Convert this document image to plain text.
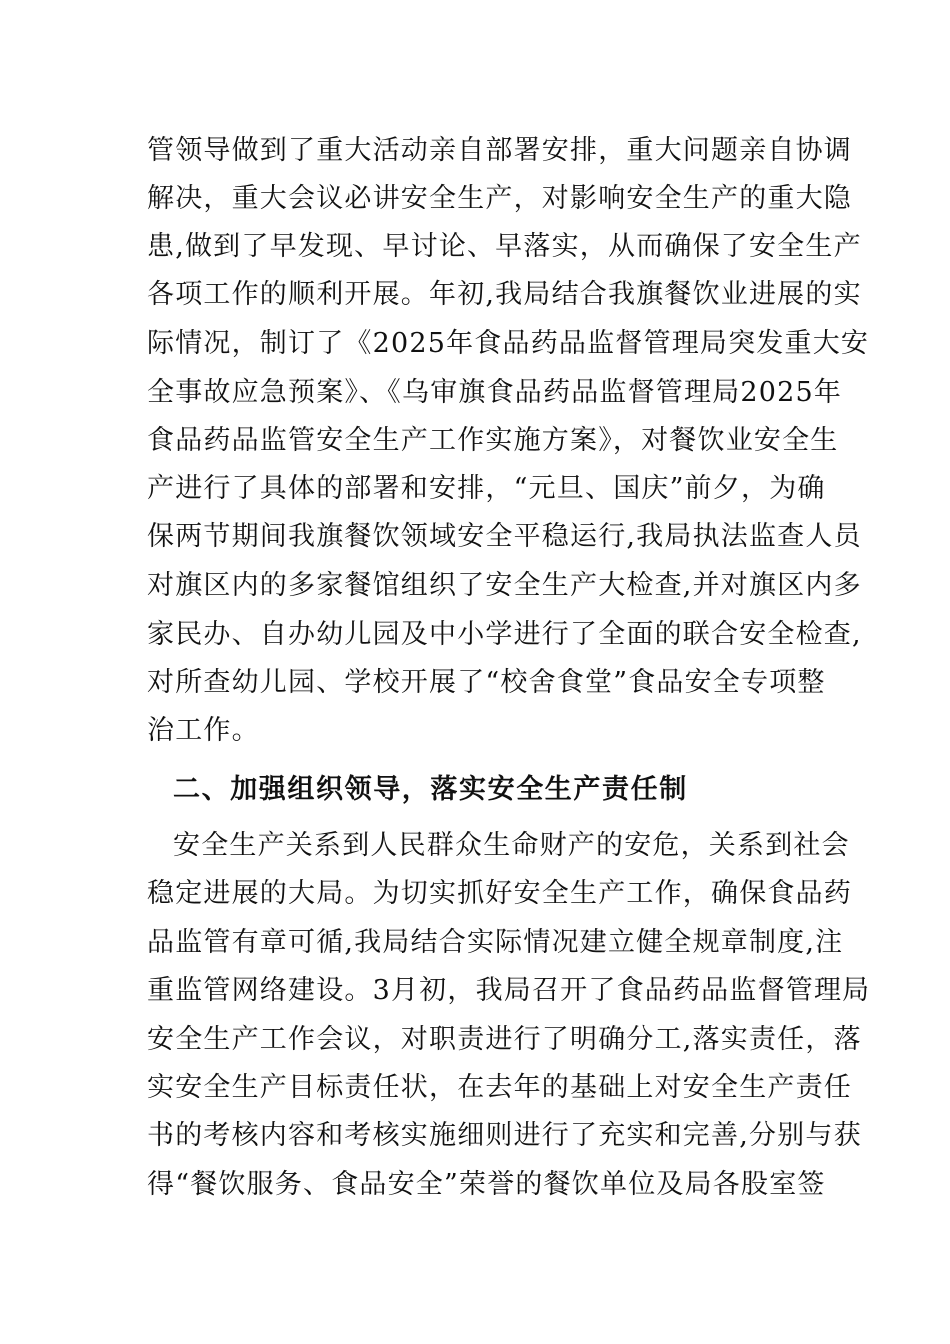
管领导做到了重大活动亲自部署安排，重大问题亲自协调
解决，重大会议必讲安全生产，对影响安全生产的重大隐
患,做到了早发现、早讨论、早落实，从而确保了安全生产
各项工作的顺利开展。年初,我局结合我旗餐饮业进展的实
际情况，制订了《2025年食品药品监督管理局突发重大安
全事故应急预案》、《乌审旗食品药品监督管理局2025年
食品药品监管安全生产工作实施方案》，对餐饮业安全生
产进行了具体的部署和安排，“元旦、国庆”前夕，为确
保两节期间我旗餐饮领域安全平稳运行,我局执法监查人员
对旗区内的多家餐馆组织了安全生产大检查,并对旗区内多
家民办、自办幼儿园及中小学进行了全面的联合安全检查,
对所查幼儿园、学校开展了“校舍食堂”食品安全专项整
治工作。
二、加强组织领导，落实安全生产责任制
安全生产关系到人民群众生命财产的安危，关系到社会
稳定进展的大局。为切实抓好安全生产工作，确保食品药
品监管有章可循,我局结合实际情况建立健全规章制度,注
重监管网络建设。3月初，我局召开了食品药品监督管理局
安全生产工作会议，对职责进行了明确分工,落实责任，落
实安全生产目标责任状，在去年的基础上对安全生产责任
书的考核内容和考核实施细则进行了充实和完善,分别与获
得“餐饮服务、食品安全”荣誉的餐饮单位及局各股室签
